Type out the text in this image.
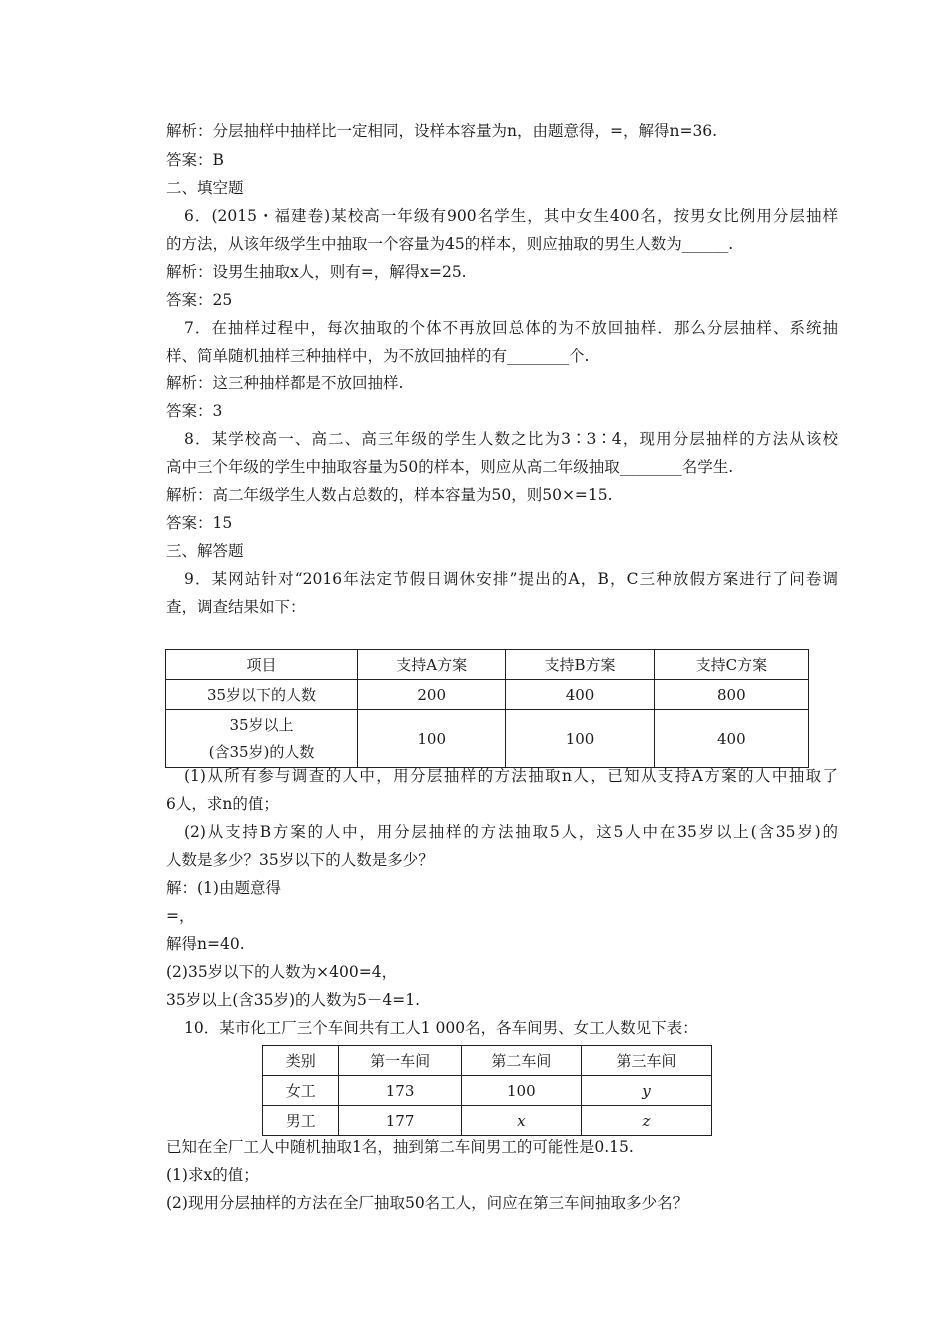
解析：分层抽样中抽样比一定相同，设样本容量为n，由题意得，=，解得n=36.
答案：B
二、填空题
6．(2015・福建卷)某校高一年级有900名学生，其中女生400名，按男女比例用分层抽样
的方法，从该年级学生中抽取一个容量为45的样本，则应抽取的男生人数为______.
解析：设男生抽取x人，则有=，解得x=25.
答案：25
7．在抽样过程中，每次抽取的个体不再放回总体的为不放回抽样．那么分层抽样、系统抽
样、简单随机抽样三种抽样中，为不放回抽样的有________个.
解析：这三种抽样都是不放回抽样.
答案：3
8．某学校高一、高二、高三年级的学生人数之比为3∶3∶4，现用分层抽样的方法从该校
高中三个年级的学生中抽取容量为50的样本，则应从高二年级抽取________名学生.
解析：高二年级学生人数占总数的，样本容量为50，则50×=15.
答案：15
三、解答题
9．某网站针对“2016年法定节假日调休安排”提出的A，B，C三种放假方案进行了问卷调
查，调查结果如下：
项目	支持A方案	支持B方案	支持C方案
35岁以下的人数	200	400	800

35岁以上
(含35岁)的人数	100	100	400
(1)从所有参与调查的人中，用分层抽样的方法抽取n人，已知从支持A方案的人中抽取了
6人，求n的值；
(2)从支持B方案的人中，用分层抽样的方法抽取5人，这5人中在35岁以上(含35岁)的
人数是多少？35岁以下的人数是多少？
解：(1)由题意得
=，
解得n=40.
(2)35岁以下的人数为×400=4，
35岁以上(含35岁)的人数为5－4=1.
10．某市化工厂三个车间共有工人1 000名，各车间男、女工人数见下表：
类别	第一车间	第二车间	第三车间
女工	173	100	y
男工	177	x	z
已知在全厂工人中随机抽取1名，抽到第二车间男工的可能性是0.15.
(1)求x的值；
(2)现用分层抽样的方法在全厂抽取50名工人，问应在第三车间抽取多少名？
